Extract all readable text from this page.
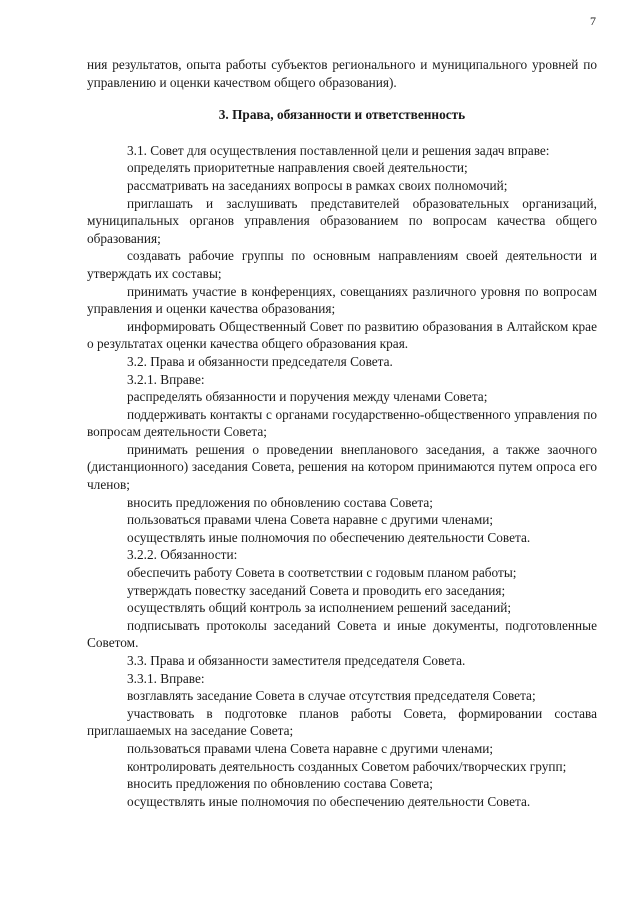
7

ния результатов, опыта работы субъектов регионального и муниципального уровней по управлению и оценки качеством общего образования).

3. Права, обязанности и ответственность

3.1. Совет для осуществления поставленной цели и решения задач вправе:

определять приоритетные направления своей деятельности;

рассматривать на заседаниях вопросы в рамках своих полномочий;

приглашать и заслушивать представителей образовательных организаций, муниципальных органов управления образованием по вопросам качества общего образования;

создавать рабочие группы по основным направлениям своей деятельности и утверждать их составы;

принимать участие в конференциях, совещаниях различного уровня по вопросам управления и оценки качества образования;

информировать Общественный Совет по развитию образования в Алтайском крае о результатах оценки качества общего образования края.

3.2. Права и обязанности председателя Совета.

3.2.1. Вправе:

распределять обязанности и поручения между членами Совета;

поддерживать контакты с органами государственно-общественного управления по вопросам деятельности Совета;

принимать решения о проведении внепланового заседания, а также заочного (дистанционного) заседания Совета, решения на котором принимаются путем опроса его членов;

вносить предложения по обновлению состава Совета;

пользоваться правами члена Совета наравне с другими членами;

осуществлять иные полномочия по обеспечению деятельности Совета.

3.2.2. Обязанности:

обеспечить работу Совета в соответствии с годовым планом работы;

утверждать повестку заседаний Совета и проводить его заседания;

осуществлять общий контроль за исполнением решений заседаний;

подписывать протоколы заседаний Совета и иные документы, подготовленные Советом.

3.3. Права и обязанности заместителя председателя Совета.

3.3.1. Вправе:

возглавлять заседание Совета в случае отсутствия председателя Совета;

участвовать в подготовке планов работы Совета, формировании состава приглашаемых на заседание Совета;

пользоваться правами члена Совета наравне с другими членами;

контролировать деятельность созданных Советом рабочих/творческих групп;

вносить предложения по обновлению состава Совета;

осуществлять иные полномочия по обеспечению деятельности Совета.
